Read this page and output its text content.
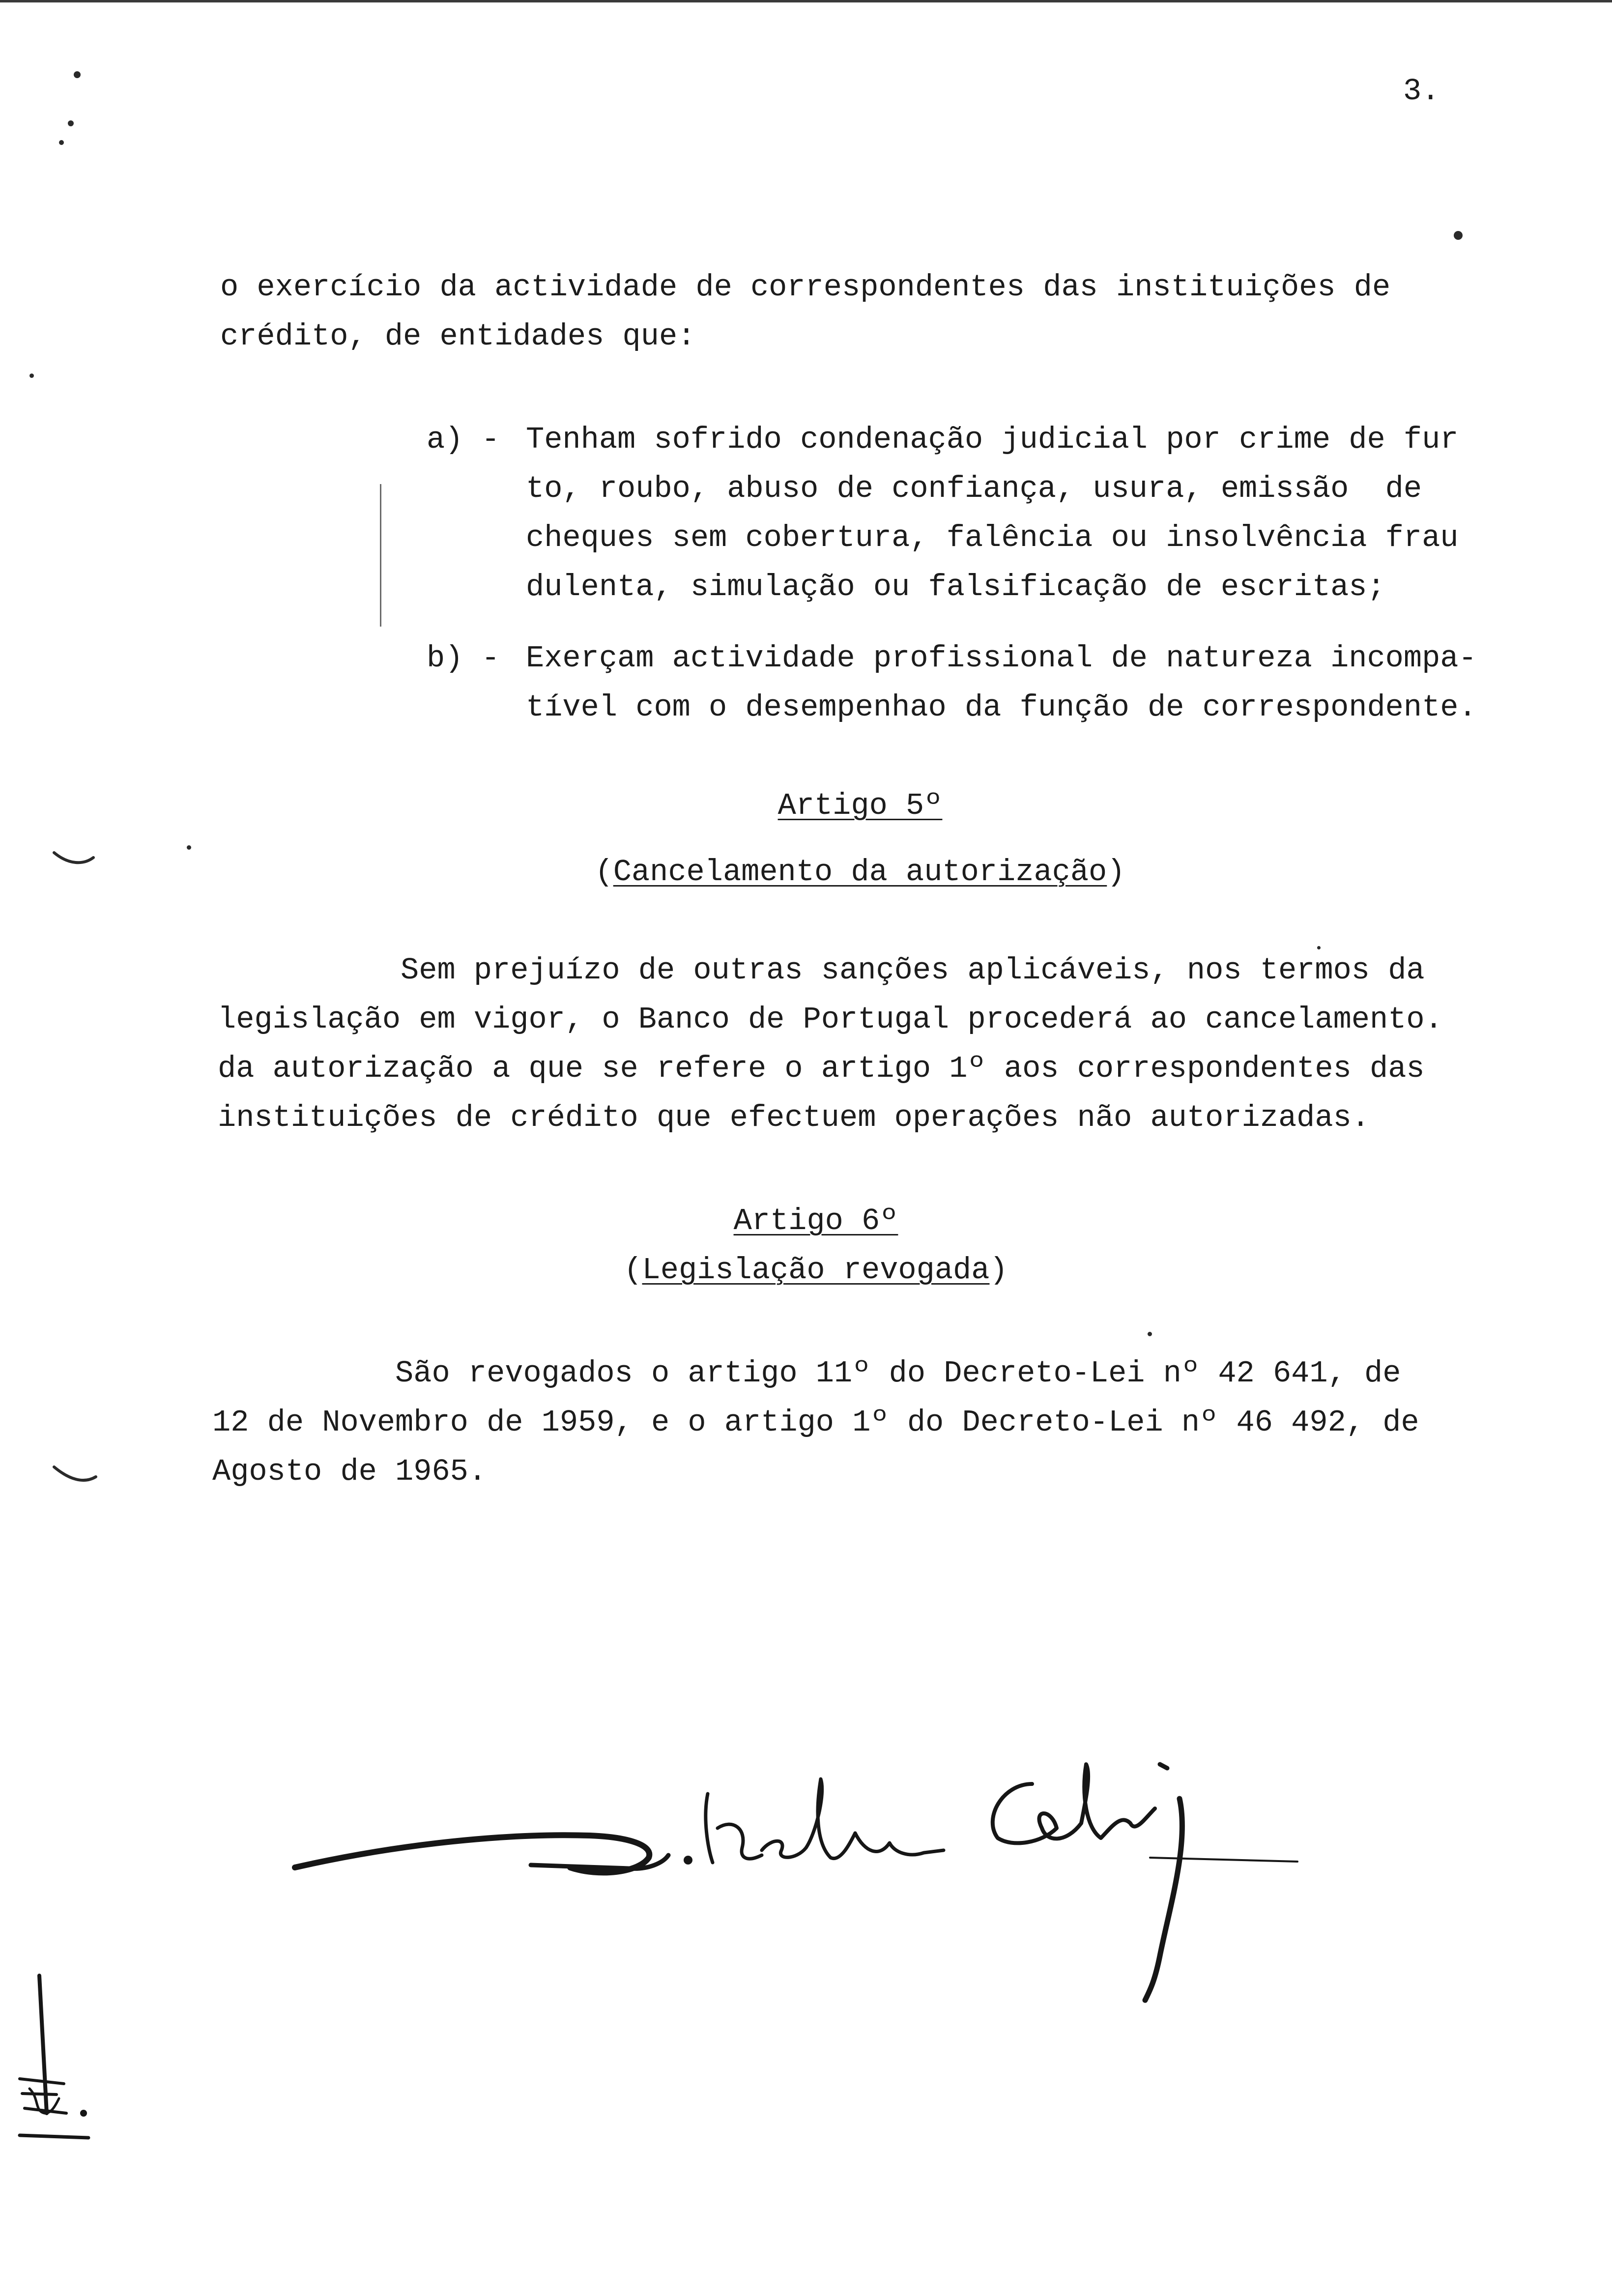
3.
o exercício da actividade de correspondentes das instituições de
crédito, de entidades que:
a) - Tenham sofrido condenação judicial por crime de fur
to, roubo, abuso de confiança, usura, emissão  de
cheques sem cobertura, falência ou insolvência frau
dulenta, simulação ou falsificação de escritas;
b) - Exerçam actividade profissional de natureza incompa-
tível com o desempenhao da função de correspondente.
Artigo 5º
(Cancelamento da autorização)
Sem prejuízo de outras sanções aplicáveis, nos termos da
legislação em vigor, o Banco de Portugal procederá ao cancelamento.
da autorização a que se refere o artigo 1º aos correspondentes das
instituições de crédito que efectuem operações não autorizadas.
Artigo 6º
(Legislação revogada)
São revogados o artigo 11º do Decreto-Lei nº 42 641, de
12 de Novembro de 1959, e o artigo 1º do Decreto-Lei nº 46 492, de
Agosto de 1965.
